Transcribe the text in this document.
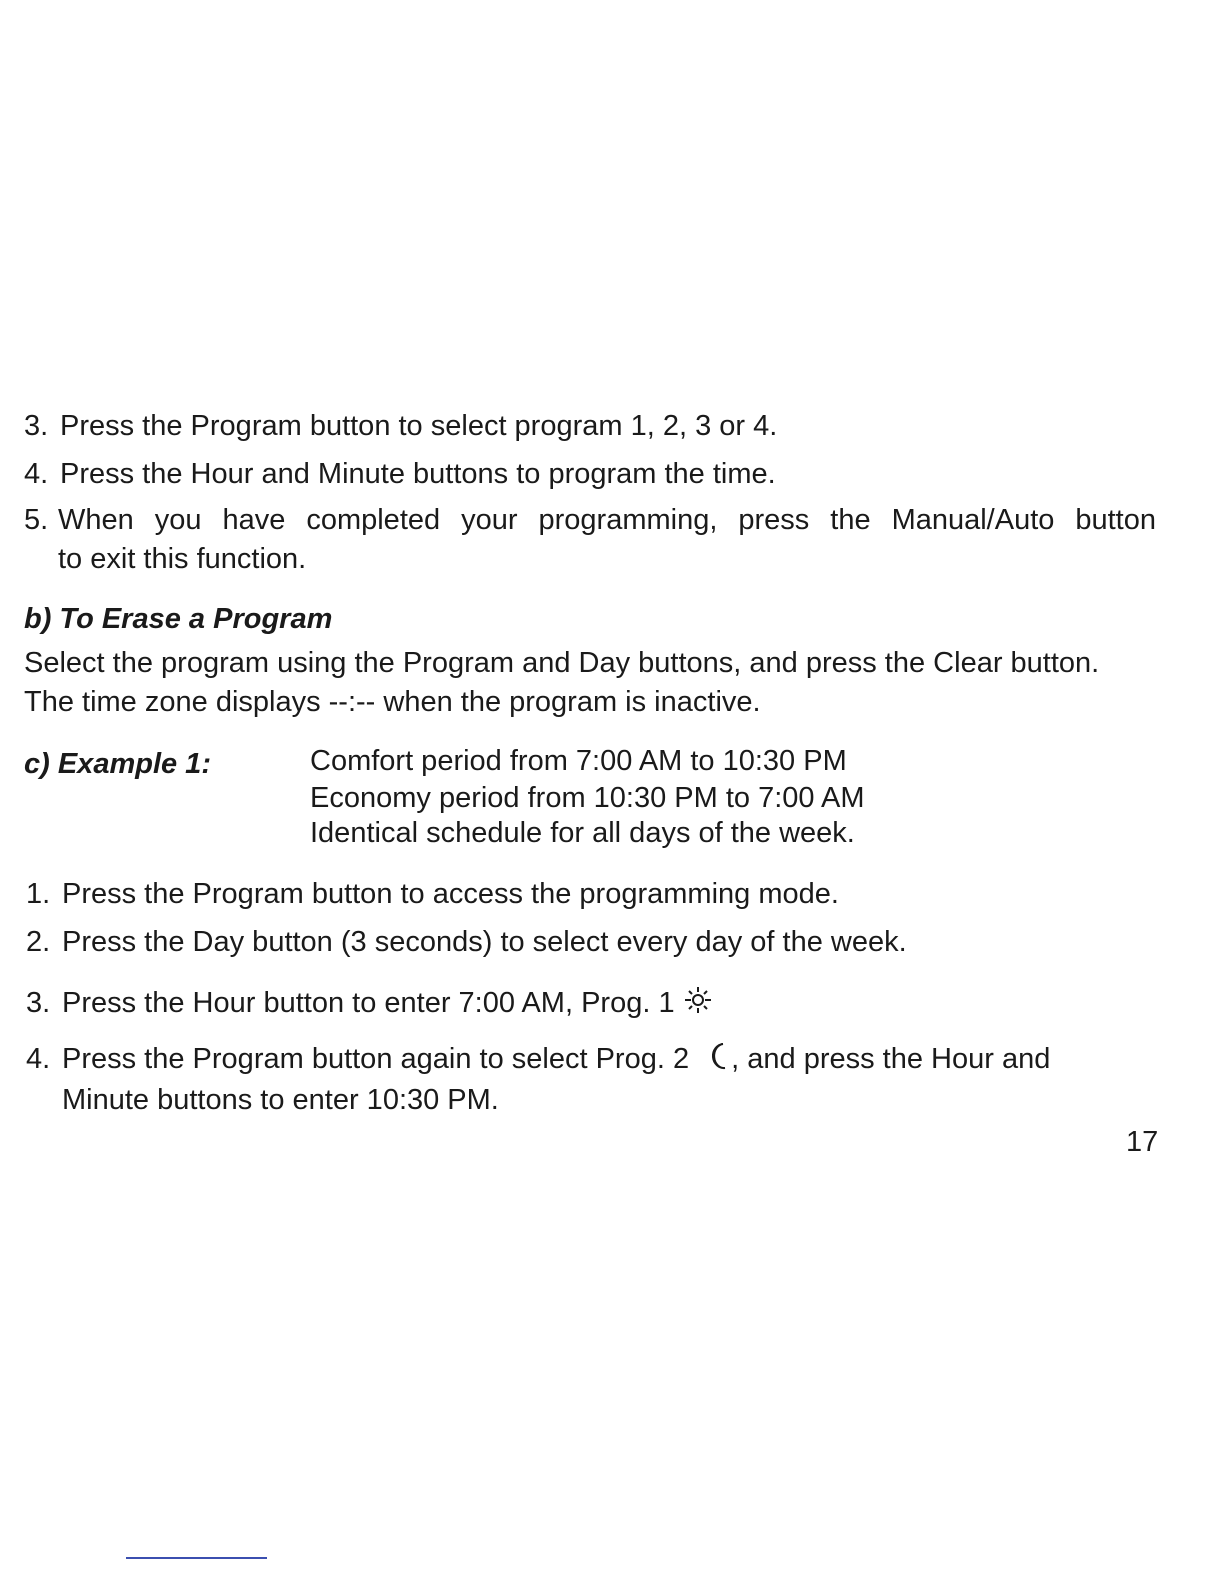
3. Press the Program button to select program 1, 2, 3 or 4.
4. Press the Hour and Minute buttons to program the time.
5. When you have completed your programming, press the Manual/Auto button
to exit this function.
b) To Erase a Program
Select the program using the Program and Day buttons, and press the Clear button.
The time zone displays --:-- when the program is inactive.
c) Example 1:	Comfort period from 7:00 AM to 10:30 PM
Economy period from 10:30 PM to 7:00 AM
Identical schedule for all days of the week.
1. Press the Program button to access the programming mode.
2. Press the Day button (3 seconds) to select every day of the week.
3. Press the Hour button to enter 7:00 AM, Prog. 1
4. Press the Program button again to select Prog. 2 , and press the Hour and
Minute buttons to enter 10:30 PM.
17
